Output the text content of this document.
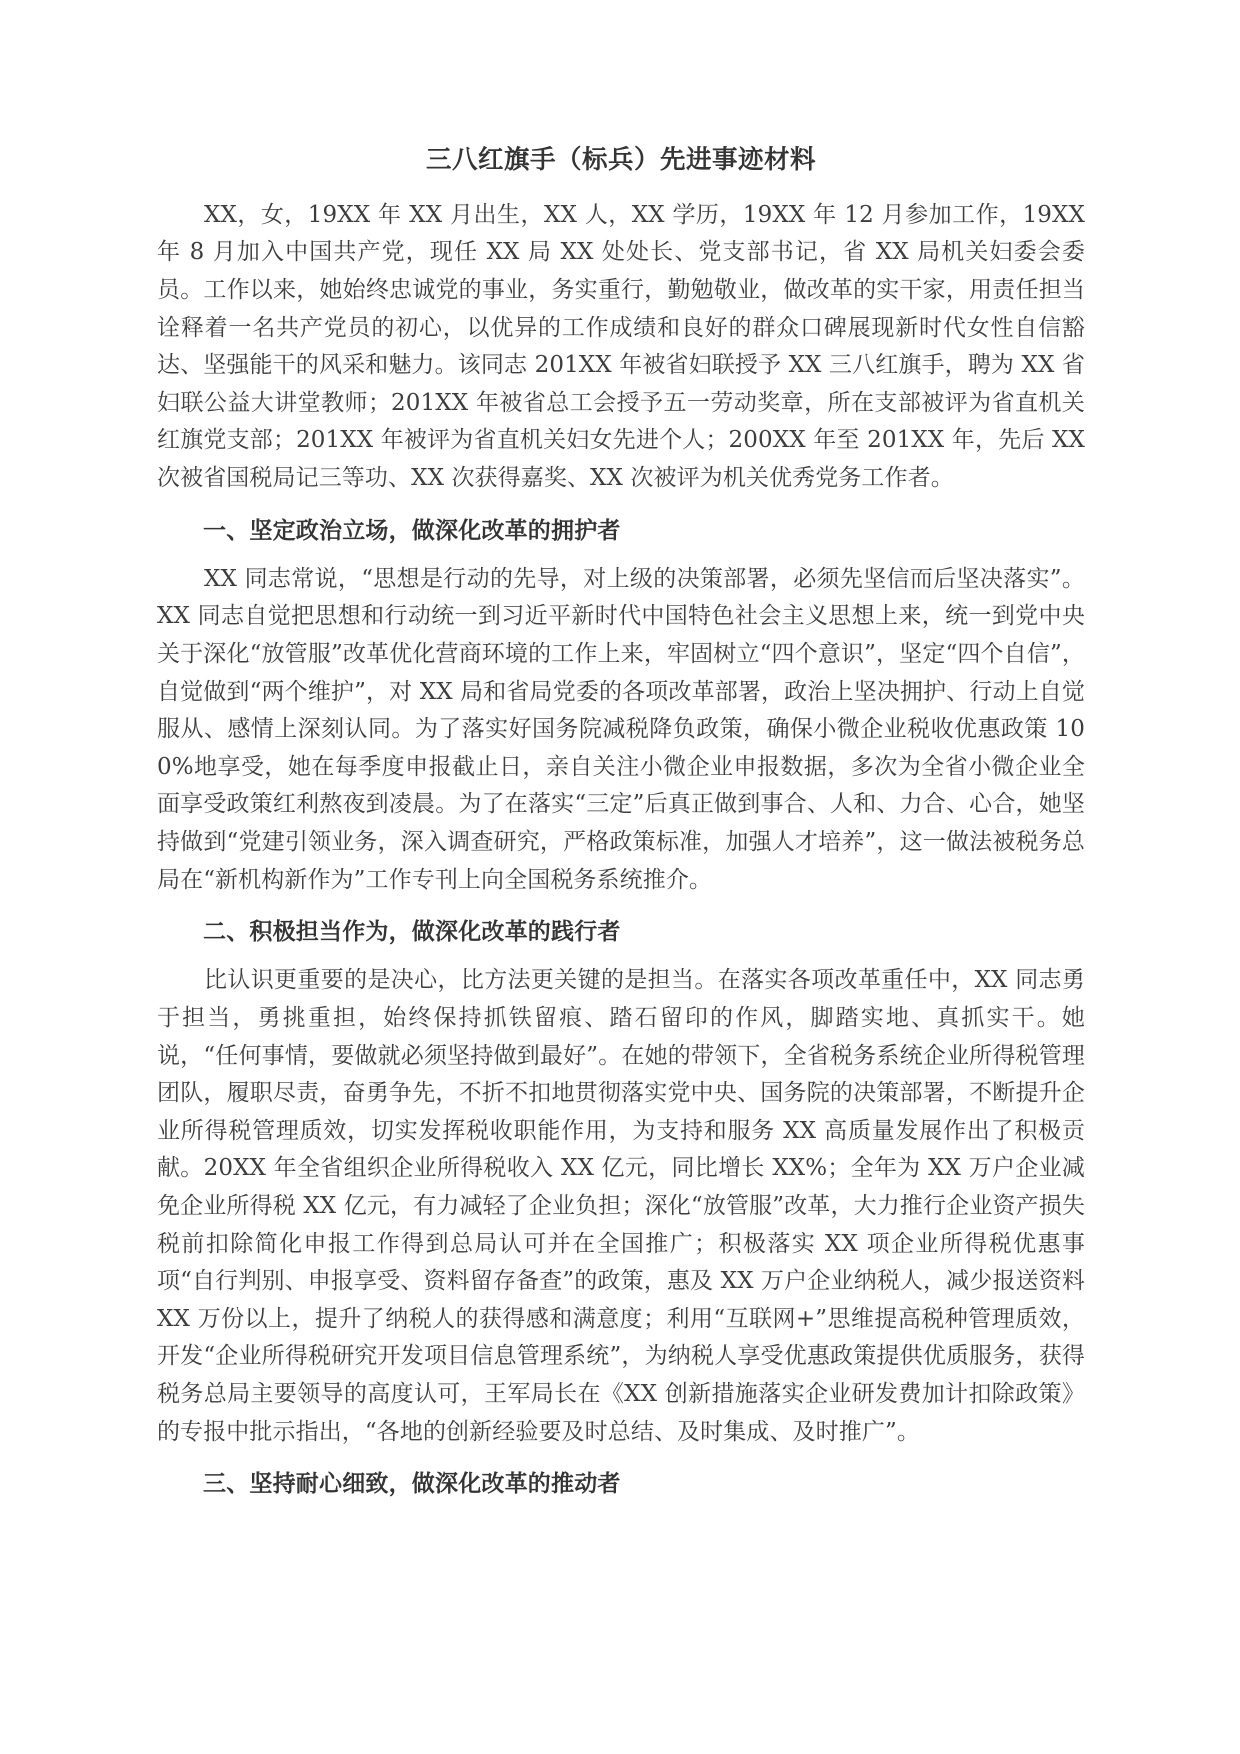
三八红旗手（标兵）先进事迹材料

XX，女，19XX 年 XX 月出生，XX 人，XX 学历，19XX 年 12 月参加工作，19XX 年 8 月加入中国共产党，现任 XX 局 XX 处处长、党支部书记，省 XX 局机关妇委会委员。工作以来，她始终忠诚党的事业，务实重行，勤勉敬业，做改革的实干家，用责任担当诠释着一名共产党员的初心，以优异的工作成绩和良好的群众口碑展现新时代女性自信豁达、坚强能干的风采和魅力。该同志 201XX 年被省妇联授予 XX 三八红旗手，聘为 XX 省妇联公益大讲堂教师；201XX 年被省总工会授予五一劳动奖章，所在支部被评为省直机关红旗党支部；201XX 年被评为省直机关妇女先进个人；200XX 年至 201XX 年，先后 XX 次被省国税局记三等功、XX 次获得嘉奖、XX 次被评为机关优秀党务工作者。

一、坚定政治立场，做深化改革的拥护者

XX 同志常说，“思想是行动的先导，对上级的决策部署，必须先坚信而后坚决落实”。XX 同志自觉把思想和行动统一到习近平新时代中国特色社会主义思想上来，统一到党中央关于深化“放管服”改革优化营商环境的工作上来，牢固树立“四个意识”，坚定“四个自信”，自觉做到“两个维护”，对 XX 局和省局党委的各项改革部署，政治上坚决拥护、行动上自觉服从、感情上深刻认同。为了落实好国务院减税降负政策，确保小微企业税收优惠政策 100%地享受，她在每季度申报截止日，亲自关注小微企业申报数据，多次为全省小微企业全面享受政策红利熬夜到凌晨。为了在落实“三定”后真正做到事合、人和、力合、心合，她坚持做到“党建引领业务，深入调查研究，严格政策标准，加强人才培养”，这一做法被税务总局在“新机构新作为”工作专刊上向全国税务系统推介。

二、积极担当作为，做深化改革的践行者

比认识更重要的是决心，比方法更关键的是担当。在落实各项改革重任中，XX 同志勇于担当，勇挑重担，始终保持抓铁留痕、踏石留印的作风，脚踏实地、真抓实干。她说，“任何事情，要做就必须坚持做到最好”。在她的带领下，全省税务系统企业所得税管理团队，履职尽责，奋勇争先，不折不扣地贯彻落实党中央、国务院的决策部署，不断提升企业所得税管理质效，切实发挥税收职能作用，为支持和服务 XX 高质量发展作出了积极贡献。20XX 年全省组织企业所得税收入 XX 亿元，同比增长 XX%；全年为 XX 万户企业减免企业所得税 XX 亿元，有力减轻了企业负担；深化“放管服”改革，大力推行企业资产损失税前扣除简化申报工作得到总局认可并在全国推广；积极落实 XX 项企业所得税优惠事项“自行判别、申报享受、资料留存备查”的政策，惠及 XX 万户企业纳税人，减少报送资料 XX 万份以上，提升了纳税人的获得感和满意度；利用“互联网+”思维提高税种管理质效，开发“企业所得税研究开发项目信息管理系统”，为纳税人享受优惠政策提供优质服务，获得税务总局主要领导的高度认可，王军局长在《XX 创新措施落实企业研发费加计扣除政策》的专报中批示指出，“各地的创新经验要及时总结、及时集成、及时推广”。

三、坚持耐心细致，做深化改革的推动者
